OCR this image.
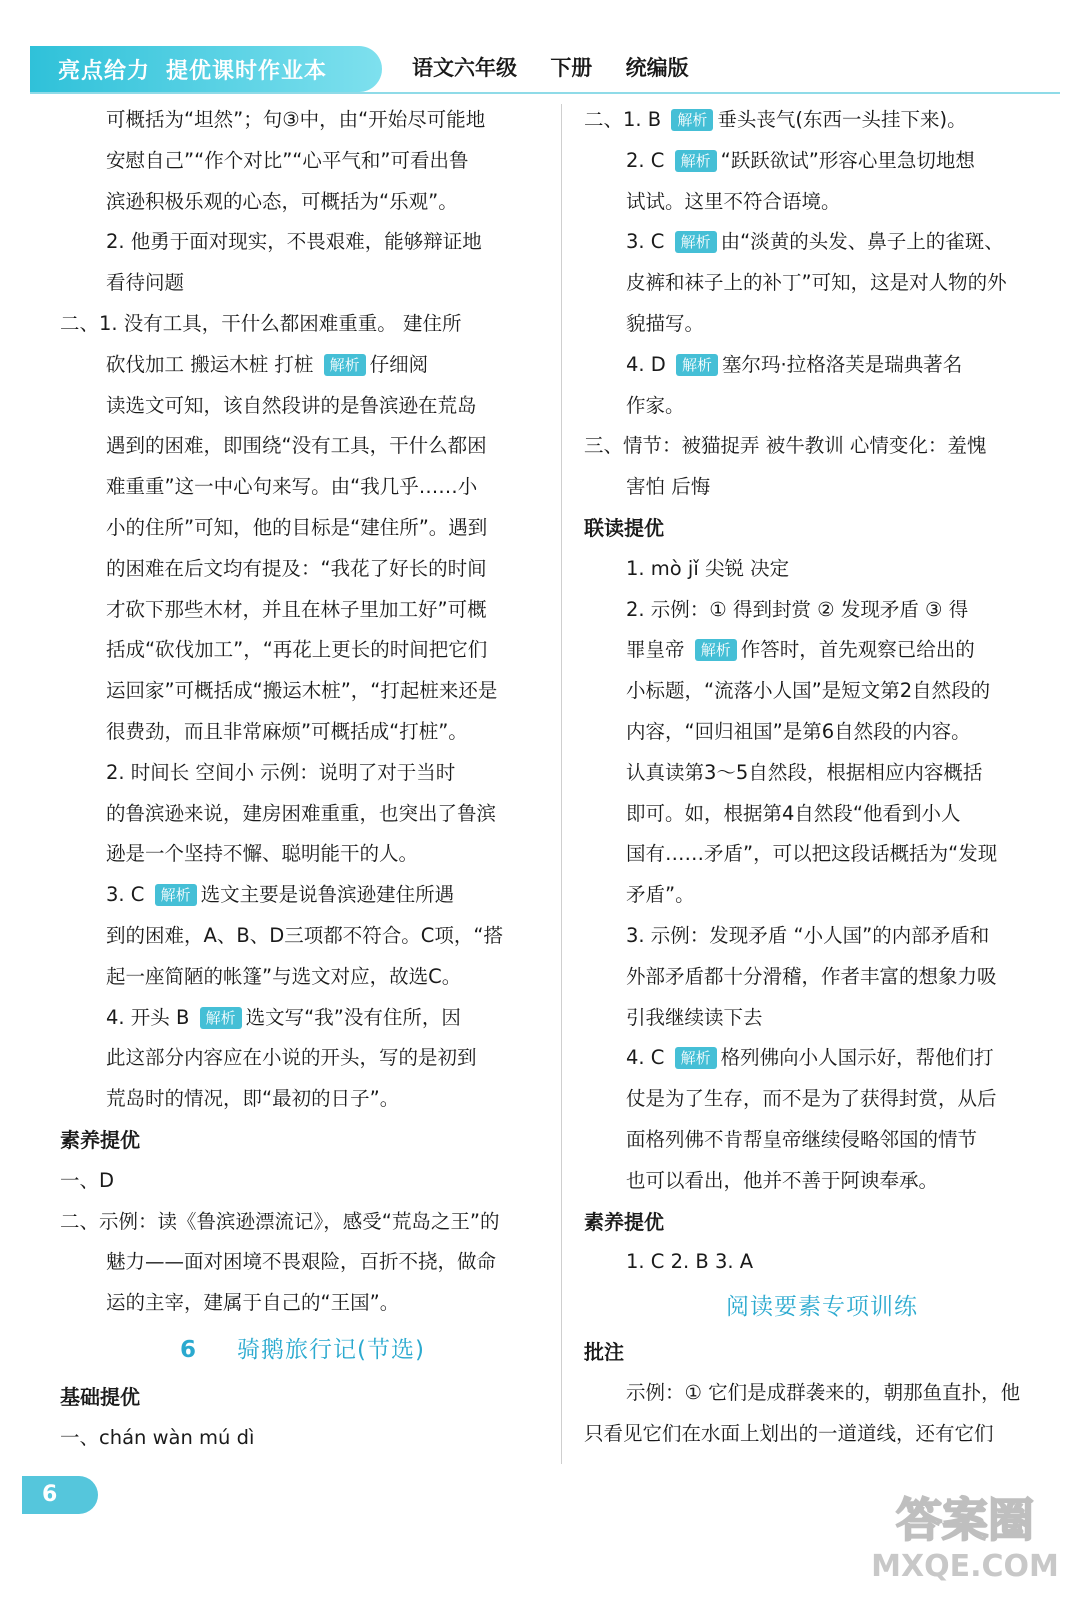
亮点给力 提优课时作业本	语文六年级 下册 统编版

可概括为“坦然”；句③中，由“开始尽可能地

安慰自己”“作个对比”“心平气和”可看出鲁

滨逊积极乐观的心态，可概括为“乐观”。

2. 他勇于面对现实，不畏艰难，能够辩证地

看待问题

二、1. 没有工具，干什么都困难重重。 建住所

砍伐加工 搬运木桩 打桩 解析 仔细阅

读选文可知，该自然段讲的是鲁滨逊在荒岛

遇到的困难，即围绕“没有工具，干什么都困

难重重”这一中心句来写。由“我几乎……小

小的住所”可知，他的目标是“建住所”。遇到

的困难在后文均有提及：“我花了好长的时间

才砍下那些木材，并且在林子里加工好”可概

括成“砍伐加工”，“再花上更长的时间把它们

运回家”可概括成“搬运木桩”，“打起桩来还是

很费劲，而且非常麻烦”可概括成“打桩”。

2. 时间长 空间小 示例：说明了对于当时

的鲁滨逊来说，建房困难重重，也突出了鲁滨

逊是一个坚持不懈、聪明能干的人。

3. C 解析 选文主要是说鲁滨逊建住所遇

到的困难，A、B、D三项都不符合。C项，“搭

起一座简陋的帐篷”与选文对应，故选C。

4. 开头 B 解析 选文写“我”没有住所，因

此这部分内容应在小说的开头，写的是初到

荒岛时的情况，即“最初的日子”。

素养提优

一、D

二、示例：读《鲁滨逊漂流记》，感受“荒岛之王”的

魅力——面对困境不畏艰险，百折不挠，做命

运的主宰，建属于自己的“王国”。

6 骑鹅旅行记(节选)

基础提优

一、chán wàn mú dì

二、1. B 解析 垂头丧气(东西一头挂下来)。

2. C 解析 “跃跃欲试”形容心里急切地想

试试。这里不符合语境。

3. C 解析 由“淡黄的头发、鼻子上的雀斑、

皮裤和袜子上的补丁”可知，这是对人物的外

貌描写。

4. D 解析 塞尔玛·拉格洛芙是瑞典著名

作家。

三、情节：被猫捉弄 被牛教训 心情变化：羞愧

害怕 后悔

联读提优

1. mò jǐ 尖锐 决定

2. 示例：① 得到封赏 ② 发现矛盾 ③ 得

罪皇帝 解析 作答时，首先观察已给出的

小标题，“流落小人国”是短文第2自然段的

内容，“回归祖国”是第6自然段的内容。

认真读第3～5自然段，根据相应内容概括

即可。如，根据第4自然段“他看到小人

国有……矛盾”，可以把这段话概括为“发现

矛盾”。

3. 示例：发现矛盾 “小人国”的内部矛盾和

外部矛盾都十分滑稽，作者丰富的想象力吸

引我继续读下去

4. C 解析 格列佛向小人国示好，帮他们打

仗是为了生存，而不是为了获得封赏，从后

面格列佛不肯帮皇帝继续侵略邻国的情节

也可以看出，他并不善于阿谀奉承。

素养提优

1. C 2. B 3. A

阅读要素专项训练

批注

示例：① 它们是成群袭来的，朝那鱼直扑，他

只看见它们在水面上划出的一道道线，还有它们

6	答案圈
MXQE.COM
